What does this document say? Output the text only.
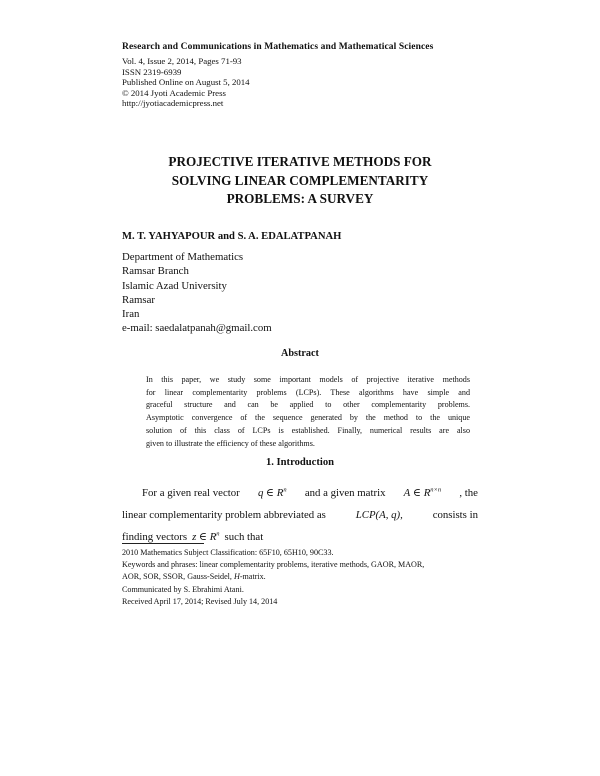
Research and Communications in Mathematics and Mathematical Sciences
Vol. 4, Issue 2, 2014, Pages 71-93
ISSN 2319-6939
Published Online on August 5, 2014
© 2014 Jyoti Academic Press
http://jyotiacademicpress.net
PROJECTIVE ITERATIVE METHODS FOR
SOLVING LINEAR COMPLEMENTARITY
PROBLEMS: A SURVEY
M. T. YAHYAPOUR and S. A. EDALATPANAH
Department of Mathematics
Ramsar Branch
Islamic Azad University
Ramsar
Iran
e-mail: saedalatpanah@gmail.com
Abstract
In this paper, we study some important models of projective iterative methods
for linear complementarity problems (LCPs). These algorithms have simple and
graceful structure and can be applied to other complementarity problems.
Asymptotic convergence of the sequence generated by the method to the unique
solution of this class of LCPs is established. Finally, numerical results are also
given to illustrate the efficiency of these algorithms.
1. Introduction
For a given real vector q ∈ $R^n$ and a given matrix A ∈ $R^{n\times n}$ , the
linear complementarity problem abbreviated as	LCP(A, q),	consists in
finding vectors z ∈ $R^n$ such that
2010 Mathematics Subject Classification: 65F10, 65H10, 90C33.
Keywords and phrases: linear complementarity problems, iterative methods, GAOR, MAOR,
AOR, SOR, SSOR, Gauss-Seidel, H-matrix.
Communicated by S. Ebrahimi Atani.
Received April 17, 2014; Revised July 14, 2014
